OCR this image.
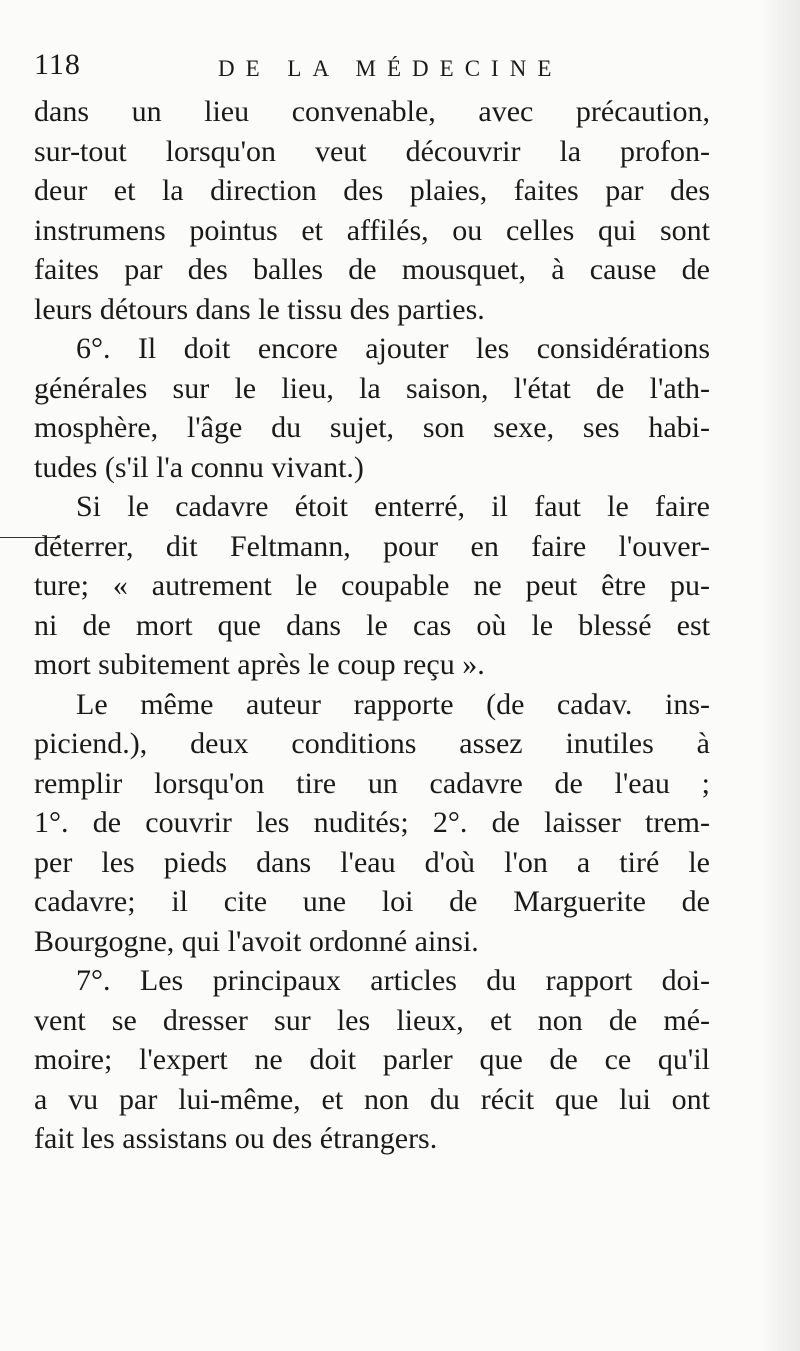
118	DE LA MÉDECINE
dans un lieu convenable, avec précaution,
sur-tout lorsqu'on veut découvrir la profon-
deur et la direction des plaies, faites par des
instrumens pointus et affilés, ou celles qui sont
faites par des balles de mousquet, à cause de
leurs détours dans le tissu des parties.
6°. Il doit encore ajouter les considérations
générales sur le lieu, la saison, l'état de l'ath-
mosphère, l'âge du sujet, son sexe, ses habi-
tudes (s'il l'a connu vivant.)
Si le cadavre étoit enterré, il faut le faire
déterrer, dit Feltmann, pour en faire l'ouver-
ture; « autrement le coupable ne peut être pu-
ni de mort que dans le cas où le blessé est
mort subitement après le coup reçu ».
Le même auteur rapporte (de cadav. ins-
piciend.), deux conditions assez inutiles à
remplir lorsqu'on tire un cadavre de l'eau ;
1°. de couvrir les nudités; 2°. de laisser trem-
per les pieds dans l'eau d'où l'on a tiré le
cadavre; il cite une loi de Marguerite de
Bourgogne, qui l'avoit ordonné ainsi.
7°. Les principaux articles du rapport doi-
vent se dresser sur les lieux, et non de mé-
moire; l'expert ne doit parler que de ce qu'il
a vu par lui-même, et non du récit que lui ont
fait les assistans ou des étrangers.
